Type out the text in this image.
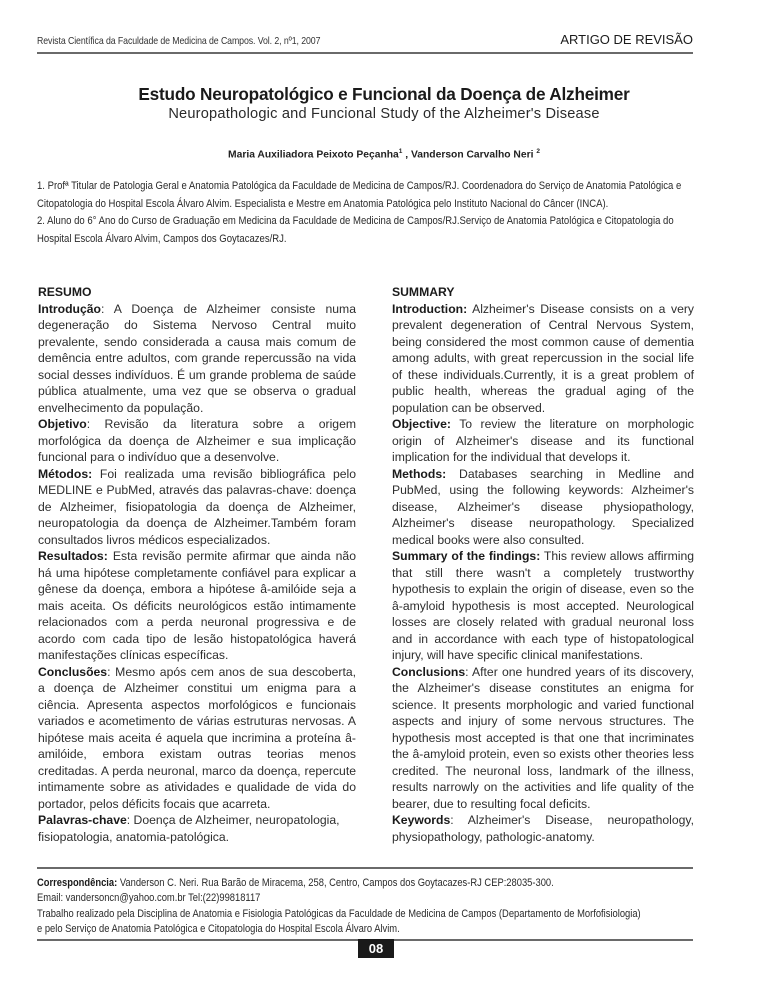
Revista Científica da Faculdade de Medicina de Campos. Vol. 2, nº1, 2007	ARTIGO DE REVISÃO
Estudo Neuropatológico e Funcional da Doença de Alzheimer
Neuropathologic and Funcional Study of the Alzheimer's Disease
Maria Auxiliadora Peixoto Peçanha$^1$ , Vanderson Carvalho Neri $^2$

1. Profª Titular de Patologia Geral e Anatomia Patológica da Faculdade de Medicina de Campos/RJ. Coordenadora do Serviço de Anatomia Patológica e Citopatologia do Hospital Escola Álvaro Alvim. Especialista e Mestre em Anatomia Patológica pelo Instituto Nacional do Câncer (INCA).

2. Aluno do 6° Ano do Curso de Graduação em Medicina da Faculdade de Medicina de Campos/RJ.Serviço de Anatomia Patológica e Citopatologia do Hospital Escola Álvaro Alvim, Campos dos Goytacazes/RJ.

RESUMO

Introdução: A Doença de Alzheimer consiste numa degeneração do Sistema Nervoso Central muito prevalente, sendo considerada a causa mais comum de demência entre adultos, com grande repercussão na vida social desses indivíduos. É um grande problema de saúde pública atualmente, uma vez que se observa o gradual envelhecimento da população.

Objetivo: Revisão da literatura sobre a origem morfológica da doença de Alzheimer e sua implicação funcional para o indivíduo que a desenvolve.

Métodos: Foi realizada uma revisão bibliográfica pelo MEDLINE e PubMed, através das palavras-chave: doença de Alzheimer, fisiopatologia da doença de Alzheimer, neuropatologia da doença de Alzheimer.Também foram consultados livros médicos especializados.

Resultados: Esta revisão permite afirmar que ainda não há uma hipótese completamente confiável para explicar a gênese da doença, embora a hipótese â-amilóide seja a mais aceita. Os déficits neurológicos estão intimamente relacionados com a perda neuronal progressiva e de acordo com cada tipo de lesão histopatológica haverá manifestações clínicas específicas.

Conclusões: Mesmo após cem anos de sua descoberta, a doença de Alzheimer constitui um enigma para a ciência. Apresenta aspectos morfológicos e funcionais variados e acometimento de várias estruturas nervosas. A hipótese mais aceita é aquela que incrimina a proteína â-amilóide, embora existam outras teorias menos creditadas. A perda neuronal, marco da doença, repercute intimamente sobre as atividades e qualidade de vida do portador, pelos déficits focais que acarreta.

Palavras-chave: Doença de Alzheimer, neuropatologia, fisiopatologia, anatomia-patológica.

SUMMARY

Introduction: Alzheimer's Disease consists on a very prevalent degeneration of Central Nervous System, being considered the most common cause of dementia among adults, with great repercussion in the social life of these individuals.Currently, it is a great problem of public health, whereas the gradual aging of the population can be observed.

Objective: To review the literature on morphologic origin of Alzheimer's disease and its functional implication for the individual that develops it.

Methods: Databases searching in Medline and PubMed, using the following keywords: Alzheimer's disease, Alzheimer's disease physiopathology, Alzheimer's disease neuropathology. Specialized medical books were also consulted.

Summary of the findings: This review allows affirming that still there wasn't a completely trustworthy hypothesis to explain the origin of disease, even so the â-amyloid hypothesis is most accepted. Neurological losses are closely related with gradual neuronal loss and in accordance with each type of histopatological injury, will have specific clinical manifestations.

Conclusions: After one hundred years of its discovery, the Alzheimer's disease constitutes an enigma for science. It presents morphologic and varied functional aspects and injury of some nervous structures. The hypothesis most accepted is that one that incriminates the â-amyloid protein, even so exists other theories less credited. The neuronal loss, landmark of the illness, results narrowly on the activities and life quality of the bearer, due to resulting focal deficits.

Keywords: Alzheimer's Disease, neuropathology, physiopathology, pathologic-anatomy.

Correspondência: Vanderson C. Neri. Rua Barão de Miracema, 258, Centro, Campos dos Goytacazes-RJ CEP:28035-300.

Email: vandersoncn@yahoo.com.br Tel:(22)99818117

Trabalho realizado pela Disciplina de Anatomia e Fisiologia Patológicas da Faculdade de Medicina de Campos (Departamento de Morfofisiologia)

e pelo Serviço de Anatomia Patológica e Citopatologia do Hospital Escola Álvaro Alvim.

08
